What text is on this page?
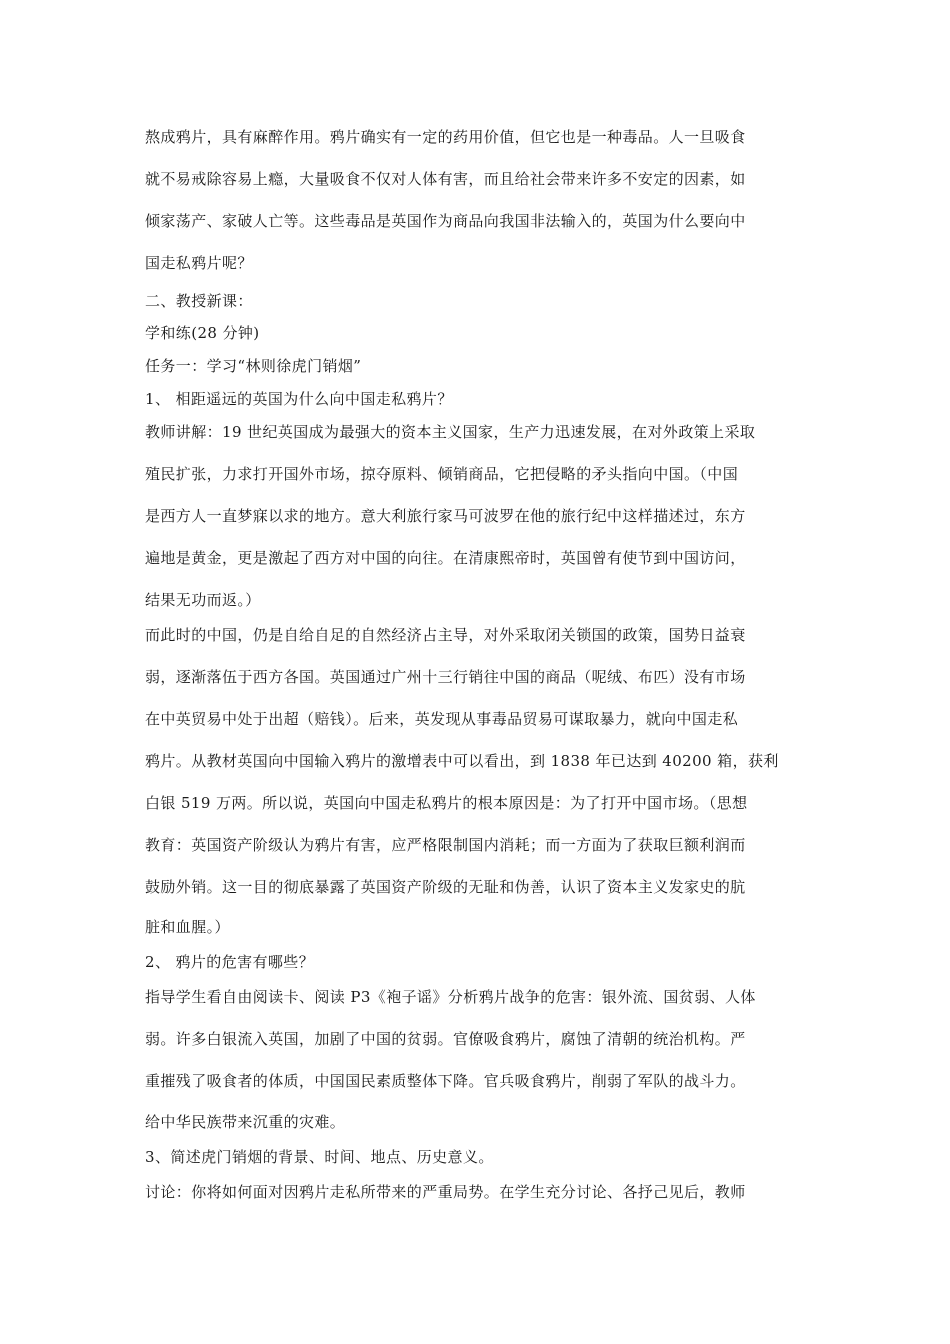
熬成鸦片，具有麻醉作用。鸦片确实有一定的药用价值，但它也是一种毒品。人一旦吸食
就不易戒除容易上瘾，大量吸食不仅对人体有害，而且给社会带来许多不安定的因素，如
倾家荡产、家破人亡等。这些毒品是英国作为商品向我国非法输入的，英国为什么要向中
国走私鸦片呢？
二、教授新课：
学和练(28 分钟)
任务一：学习“林则徐虎门销烟”
1、 相距遥远的英国为什么向中国走私鸦片？
教师讲解：19 世纪英国成为最强大的资本主义国家，生产力迅速发展，在对外政策上采取
殖民扩张，力求打开国外市场，掠夺原料、倾销商品，它把侵略的矛头指向中国。（中国
是西方人一直梦寐以求的地方。意大利旅行家马可波罗在他的旅行纪中这样描述过，东方
遍地是黄金，更是激起了西方对中国的向往。在清康熙帝时，英国曾有使节到中国访问，
结果无功而返。）
而此时的中国，仍是自给自足的自然经济占主导，对外采取闭关锁国的政策，国势日益衰
弱，逐渐落伍于西方各国。英国通过广州十三行销往中国的商品（呢绒、布匹）没有市场
在中英贸易中处于出超（赔钱）。后来，英发现从事毒品贸易可谋取暴力，就向中国走私
鸦片。从教材英国向中国输入鸦片的激增表中可以看出，到 1838 年已达到 40200 箱，获利
白银 519 万两。所以说，英国向中国走私鸦片的根本原因是：为了打开中国市场。（思想
教育：英国资产阶级认为鸦片有害，应严格限制国内消耗；而一方面为了获取巨额利润而
鼓励外销。这一目的彻底暴露了英国资产阶级的无耻和伪善，认识了资本主义发家史的肮
脏和血腥。）
2、 鸦片的危害有哪些？
指导学生看自由阅读卡、阅读 P3《袍子谣》分析鸦片战争的危害：银外流、国贫弱、人体
弱。许多白银流入英国，加剧了中国的贫弱。官僚吸食鸦片，腐蚀了清朝的统治机构。严
重摧残了吸食者的体质，中国国民素质整体下降。官兵吸食鸦片，削弱了军队的战斗力。
给中华民族带来沉重的灾难。
3、简述虎门销烟的背景、时间、地点、历史意义。
讨论：你将如何面对因鸦片走私所带来的严重局势。在学生充分讨论、各抒己见后，教师
